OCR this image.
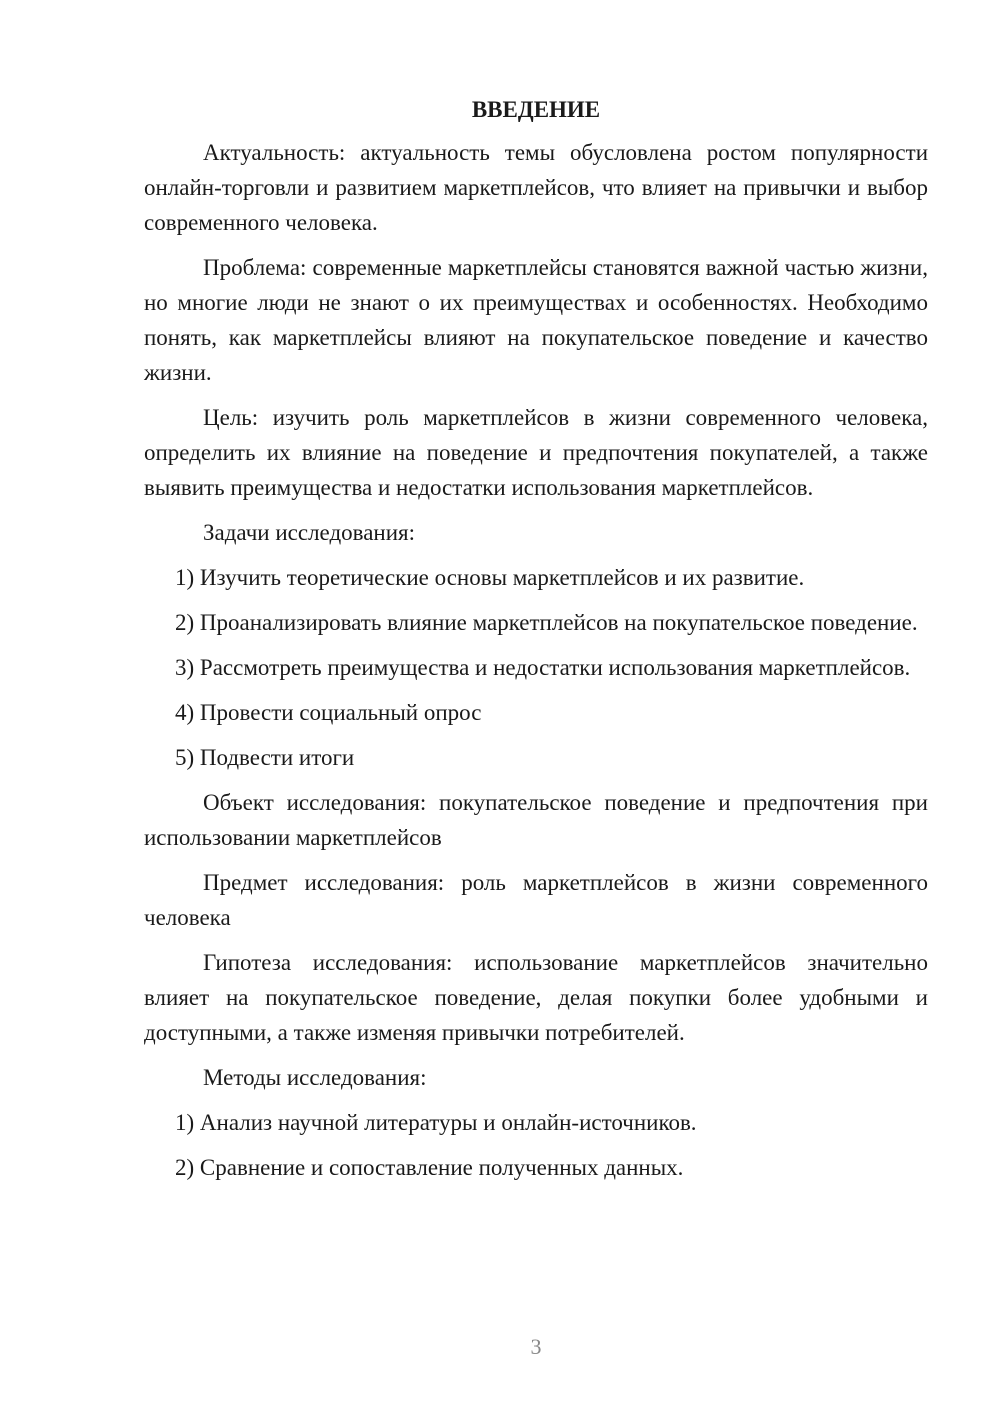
ВВЕДЕНИЕ

Актуальность: актуальность темы обусловлена ростом популярности онлайн-торговли и развитием маркетплейсов, что влияет на привычки и выбор современного человека.

Проблема: современные маркетплейсы становятся важной частью жизни, но многие люди не знают о их преимуществах и особенностях. Необходимо понять, как маркетплейсы влияют на покупательское поведение и качество жизни.

Цель: изучить роль маркетплейсов в жизни современного человека, определить их влияние на поведение и предпочтения покупателей, а также выявить преимущества и недостатки использования маркетплейсов.

Задачи исследования:

1) Изучить теоретические основы маркетплейсов и их развитие.

2) Проанализировать влияние маркетплейсов на покупательское поведение.

3) Рассмотреть преимущества и недостатки использования маркетплейсов.

4) Провести социальный опрос

5) Подвести итоги

Объект исследования: покупательское поведение и предпочтения при использовании маркетплейсов

Предмет исследования: роль маркетплейсов в жизни современного человека

Гипотеза исследования: использование маркетплейсов значительно влияет на покупательское поведение, делая покупки более удобными и доступными, а также изменяя привычки потребителей.

Методы исследования:

1) Анализ научной литературы и онлайн-источников.

2) Сравнение и сопоставление полученных данных.

3
